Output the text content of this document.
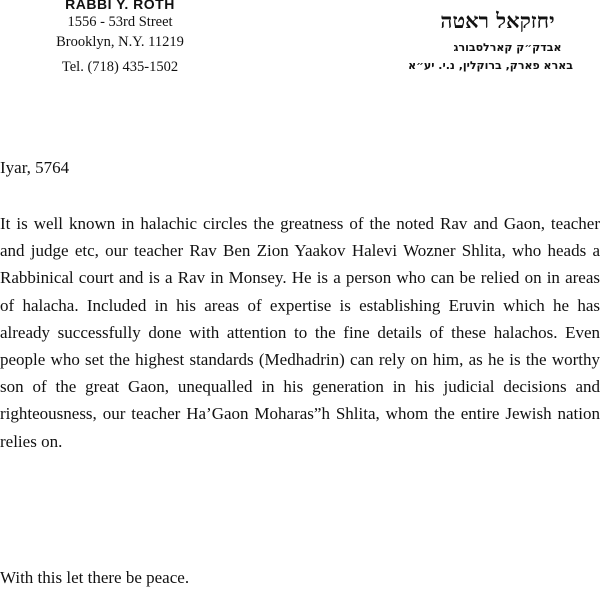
RABBI Y. ROTH
1556 - 53rd Street
Brooklyn, N.Y. 11219
Tel. (718) 435-1502
יחזקאל ראטה
אבדק״ק קארלסבורג
בארא פארק, ברוקלין, נ.י. יע״א
Iyar, 5764
It is well known in halachic circles the greatness of the noted Rav and Gaon, teacher and judge etc, our teacher Rav Ben Zion Yaakov Halevi Wozner Shlita, who heads a Rabbinical court and is a Rav in Monsey. He is a person who can be relied on in areas of halacha. Included in his areas of expertise is establishing Eruvin which he has already successfully done with attention to the fine details of these halachos. Even people who set the highest standards (Medhadrin) can rely on him, as he is the worthy son of the great Gaon, unequalled in his generation in his judicial decisions and righteousness, our teacher Ha’Gaon Moharas”h Shlita, whom the entire Jewish nation relies on.
With this let there be peace.
